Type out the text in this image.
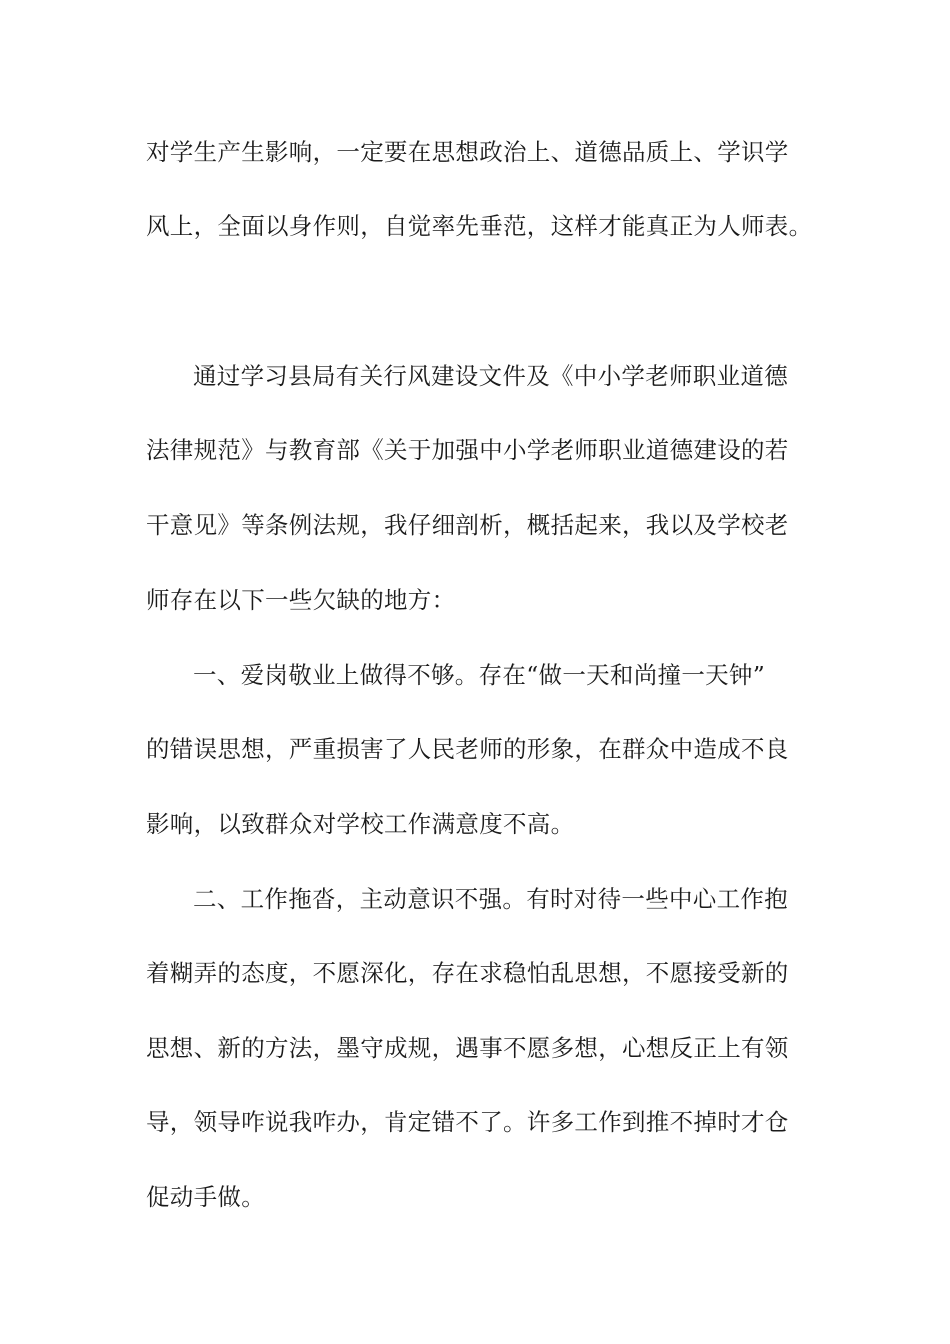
对学生产生影响，一定要在思想政治上、道德品质上、学识学
风上，全面以身作则，自觉率先垂范，这样才能真正为人师表。
通过学习县局有关行风建设文件及《中小学老师职业道德
法律规范》与教育部《关于加强中小学老师职业道德建设的若
干意见》等条例法规，我仔细剖析，概括起来，我以及学校老
师存在以下一些欠缺的地方：
一、爱岗敬业上做得不够。存在“做一天和尚撞一天钟”
的错误思想，严重损害了人民老师的形象，在群众中造成不良
影响，以致群众对学校工作满意度不高。
二、工作拖沓，主动意识不强。有时对待一些中心工作抱
着糊弄的态度，不愿深化，存在求稳怕乱思想，不愿接受新的
思想、新的方法，墨守成规，遇事不愿多想，心想反正上有领
导，领导咋说我咋办，肯定错不了。许多工作到推不掉时才仓
促动手做。
